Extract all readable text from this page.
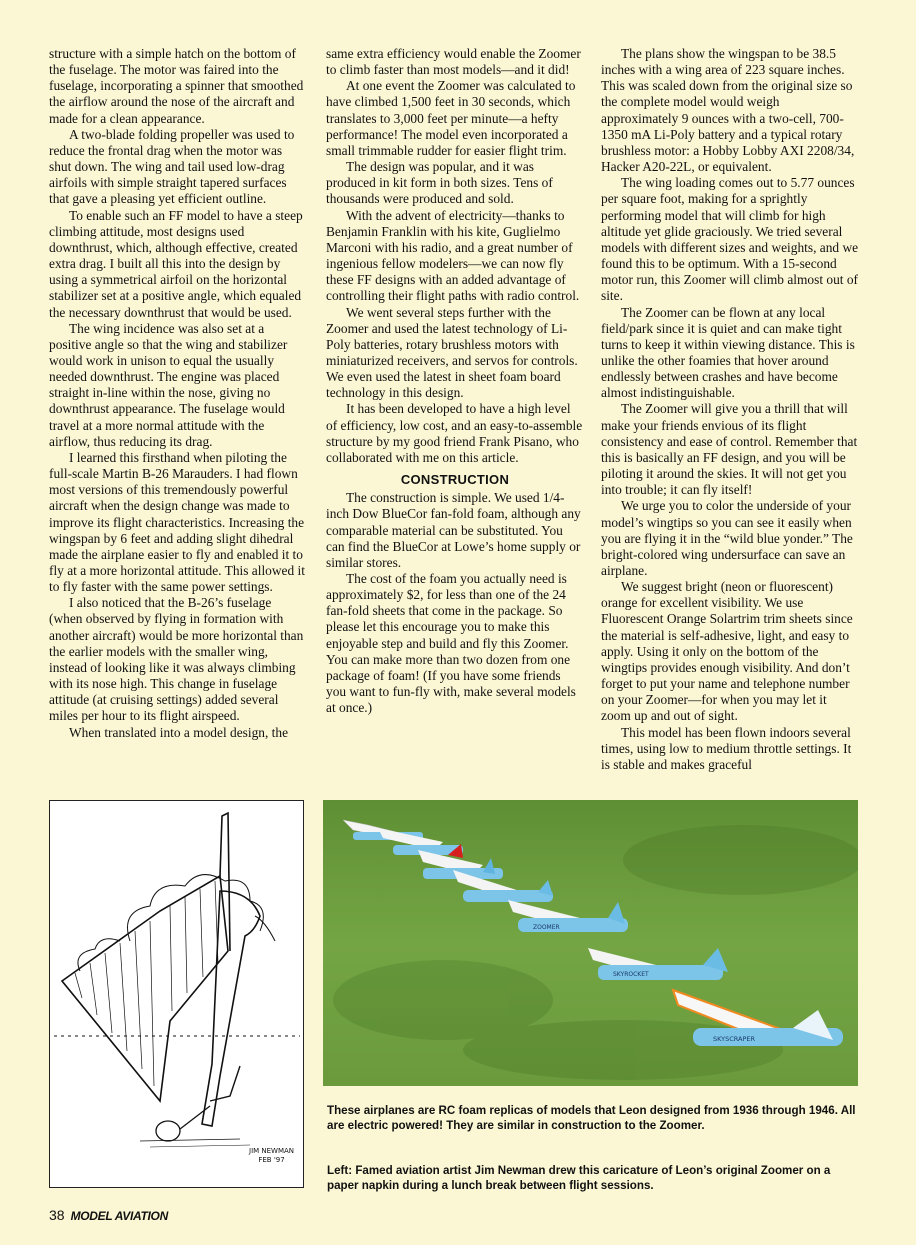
structure with a simple hatch on the bottom of the fuselage. The motor was faired into the fuselage, incorporating a spinner that smoothed the airflow around the nose of the aircraft and made for a clean appearance.

A two-blade folding propeller was used to reduce the frontal drag when the motor was shut down. The wing and tail used low-drag airfoils with simple straight tapered surfaces that gave a pleasing yet efficient outline.

To enable such an FF model to have a steep climbing attitude, most designs used downthrust, which, although effective, created extra drag. I built all this into the design by using a symmetrical airfoil on the horizontal stabilizer set at a positive angle, which equaled the necessary downthrust that would be used.

The wing incidence was also set at a positive angle so that the wing and stabilizer would work in unison to equal the usually needed downthrust. The engine was placed straight in-line within the nose, giving no downthrust appearance. The fuselage would travel at a more normal attitude with the airflow, thus reducing its drag.

I learned this firsthand when piloting the full-scale Martin B-26 Marauders. I had flown most versions of this tremendously powerful aircraft when the design change was made to improve its flight characteristics. Increasing the wingspan by 6 feet and adding slight dihedral made the airplane easier to fly and enabled it to fly at a more horizontal attitude. This allowed it to fly faster with the same power settings.

I also noticed that the B-26’s fuselage (when observed by flying in formation with another aircraft) would be more horizontal than the earlier models with the smaller wing, instead of looking like it was always climbing with its nose high. This change in fuselage attitude (at cruising settings) added several miles per hour to its flight airspeed.

When translated into a model design, the

same extra efficiency would enable the Zoomer to climb faster than most models—and it did!

At one event the Zoomer was calculated to have climbed 1,500 feet in 30 seconds, which translates to 3,000 feet per minute—a hefty performance! The model even incorporated a small trimmable rudder for easier flight trim.

The design was popular, and it was produced in kit form in both sizes. Tens of thousands were produced and sold.

With the advent of electricity—thanks to Benjamin Franklin with his kite, Guglielmo Marconi with his radio, and a great number of ingenious fellow modelers—we can now fly these FF designs with an added advantage of controlling their flight paths with radio control.

We went several steps further with the Zoomer and used the latest technology of Li-Poly batteries, rotary brushless motors with miniaturized receivers, and servos for controls. We even used the latest in sheet foam board technology in this design.

It has been developed to have a high level of efficiency, low cost, and an easy-to-assemble structure by my good friend Frank Pisano, who collaborated with me on this article.

CONSTRUCTION

The construction is simple. We used 1/4-inch Dow BlueCor fan-fold foam, although any comparable material can be substituted. You can find the BlueCor at Lowe’s home supply or similar stores.

The cost of the foam you actually need is approximately $2, for less than one of the 24 fan-fold sheets that come in the package. So please let this encourage you to make this enjoyable step and build and fly this Zoomer. You can make more than two dozen from one package of foam! (If you have some friends you want to fun-fly with, make several models at once.)

The plans show the wingspan to be 38.5 inches with a wing area of 223 square inches. This was scaled down from the original size so the complete model would weigh approximately 9 ounces with a two-cell, 700-1350 mA Li-Poly battery and a typical rotary brushless motor: a Hobby Lobby AXI 2208/34, Hacker A20-22L, or equivalent.

The wing loading comes out to 5.77 ounces per square foot, making for a sprightly performing model that will climb for high altitude yet glide graciously. We tried several models with different sizes and weights, and we found this to be optimum. With a 15-second motor run, this Zoomer will climb almost out of site.

The Zoomer can be flown at any local field/park since it is quiet and can make tight turns to keep it within viewing distance. This is unlike the other foamies that hover around endlessly between crashes and have become almost indistinguishable.

The Zoomer will give you a thrill that will make your friends envious of its flight consistency and ease of control. Remember that this is basically an FF design, and you will be piloting it around the skies. It will not get you into trouble; it can fly itself!

We urge you to color the underside of your model’s wingtips so you can see it easily when you are flying it in the “wild blue yonder.” The bright-colored wing undersurface can save an airplane.

We suggest bright (neon or fluorescent) orange for excellent visibility. We use Fluorescent Orange Solartrim trim sheets since the material is self-adhesive, light, and easy to apply. Using it only on the bottom of the wingtips provides enough visibility. And don’t forget to put your name and telephone number on your Zoomer—for when you may let it zoom up and out of sight.

This model has been flown indoors several times, using low to medium throttle settings. It is stable and makes graceful

JIM NEWMAN
FEB '97
ZOOMER
SKYROCKET
SKYSCRAPER
These airplanes are RC foam replicas of models that Leon designed from 1936 through 1946. All are electric powered! They are similar in construction to the Zoomer.
Left: Famed aviation artist Jim Newman drew this caricature of Leon’s original Zoomer on a paper napkin during a lunch break between flight sessions.
38 MODEL AVIATION
